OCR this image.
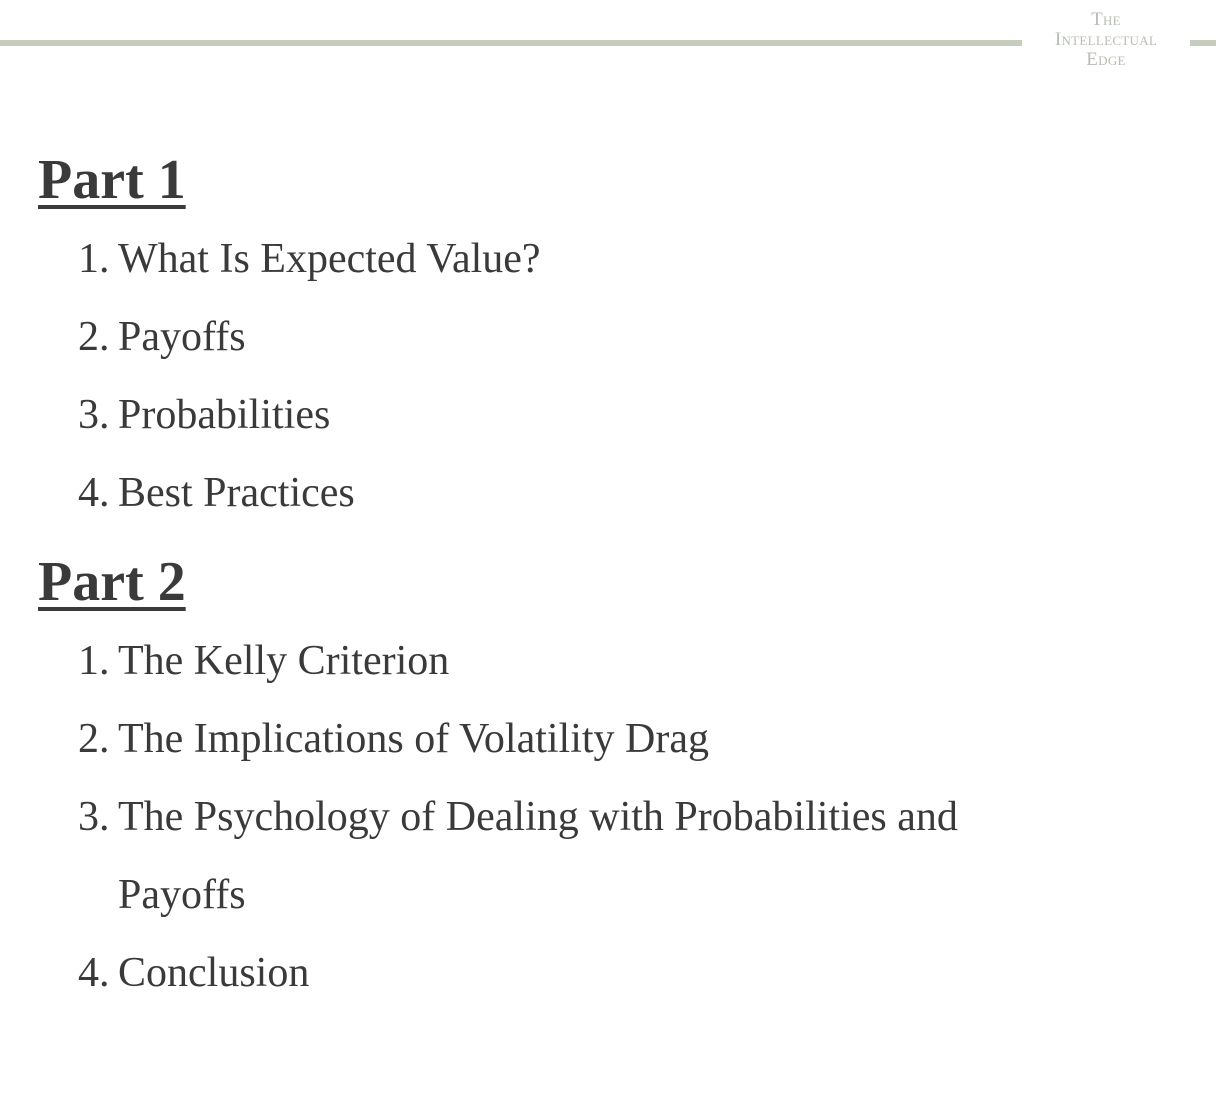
The
Intellectual
Edge
Part 1
1. What Is Expected Value?
2. Payoffs
3. Probabilities
4. Best Practices
Part 2
1. The Kelly Criterion
2. The Implications of Volatility Drag
3. The Psychology of Dealing with Probabilities and Payoffs
4. Conclusion
